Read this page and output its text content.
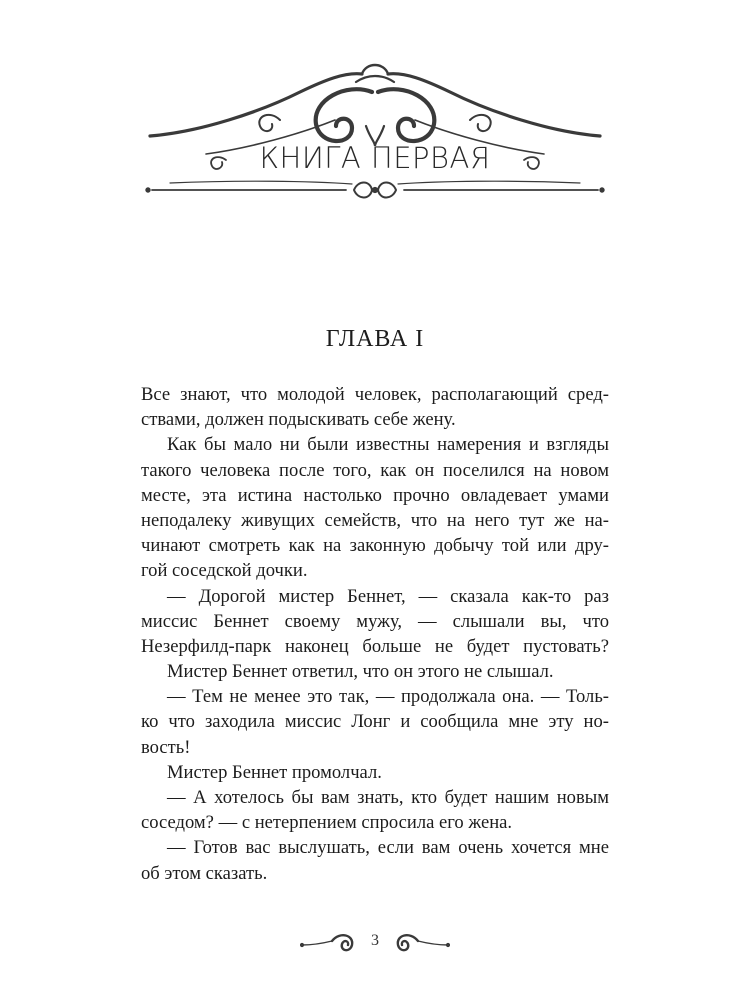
КНИГА ПЕРВАЯ
ГЛАВА I
Все знают, что молодой человек, располагающий сред-
ствами, должен подыскивать себе жену.
Как бы мало ни были известны намерения и взгляды
такого человека после того, как он поселился на новом
месте, эта истина настолько прочно овладевает умами
неподалеку живущих семейств, что на него тут же на-
чинают смотреть как на законную добычу той или дру-
гой соседской дочки.
— Дорогой мистер Беннет, — сказала как-то раз
миссис Беннет своему мужу, — слышали вы, что
Незерфилд-парк наконец больше не будет пустовать?
Мистер Беннет ответил, что он этого не слышал.
— Тем не менее это так, — продолжала она. — Толь-
ко что заходила миссис Лонг и сообщила мне эту но-
вость!
Мистер Беннет промолчал.
— А хотелось бы вам знать, кто будет нашим новым
соседом? — с нетерпением спросила его жена.
— Готов вас выслушать, если вам очень хочется мне
об этом сказать.
3
